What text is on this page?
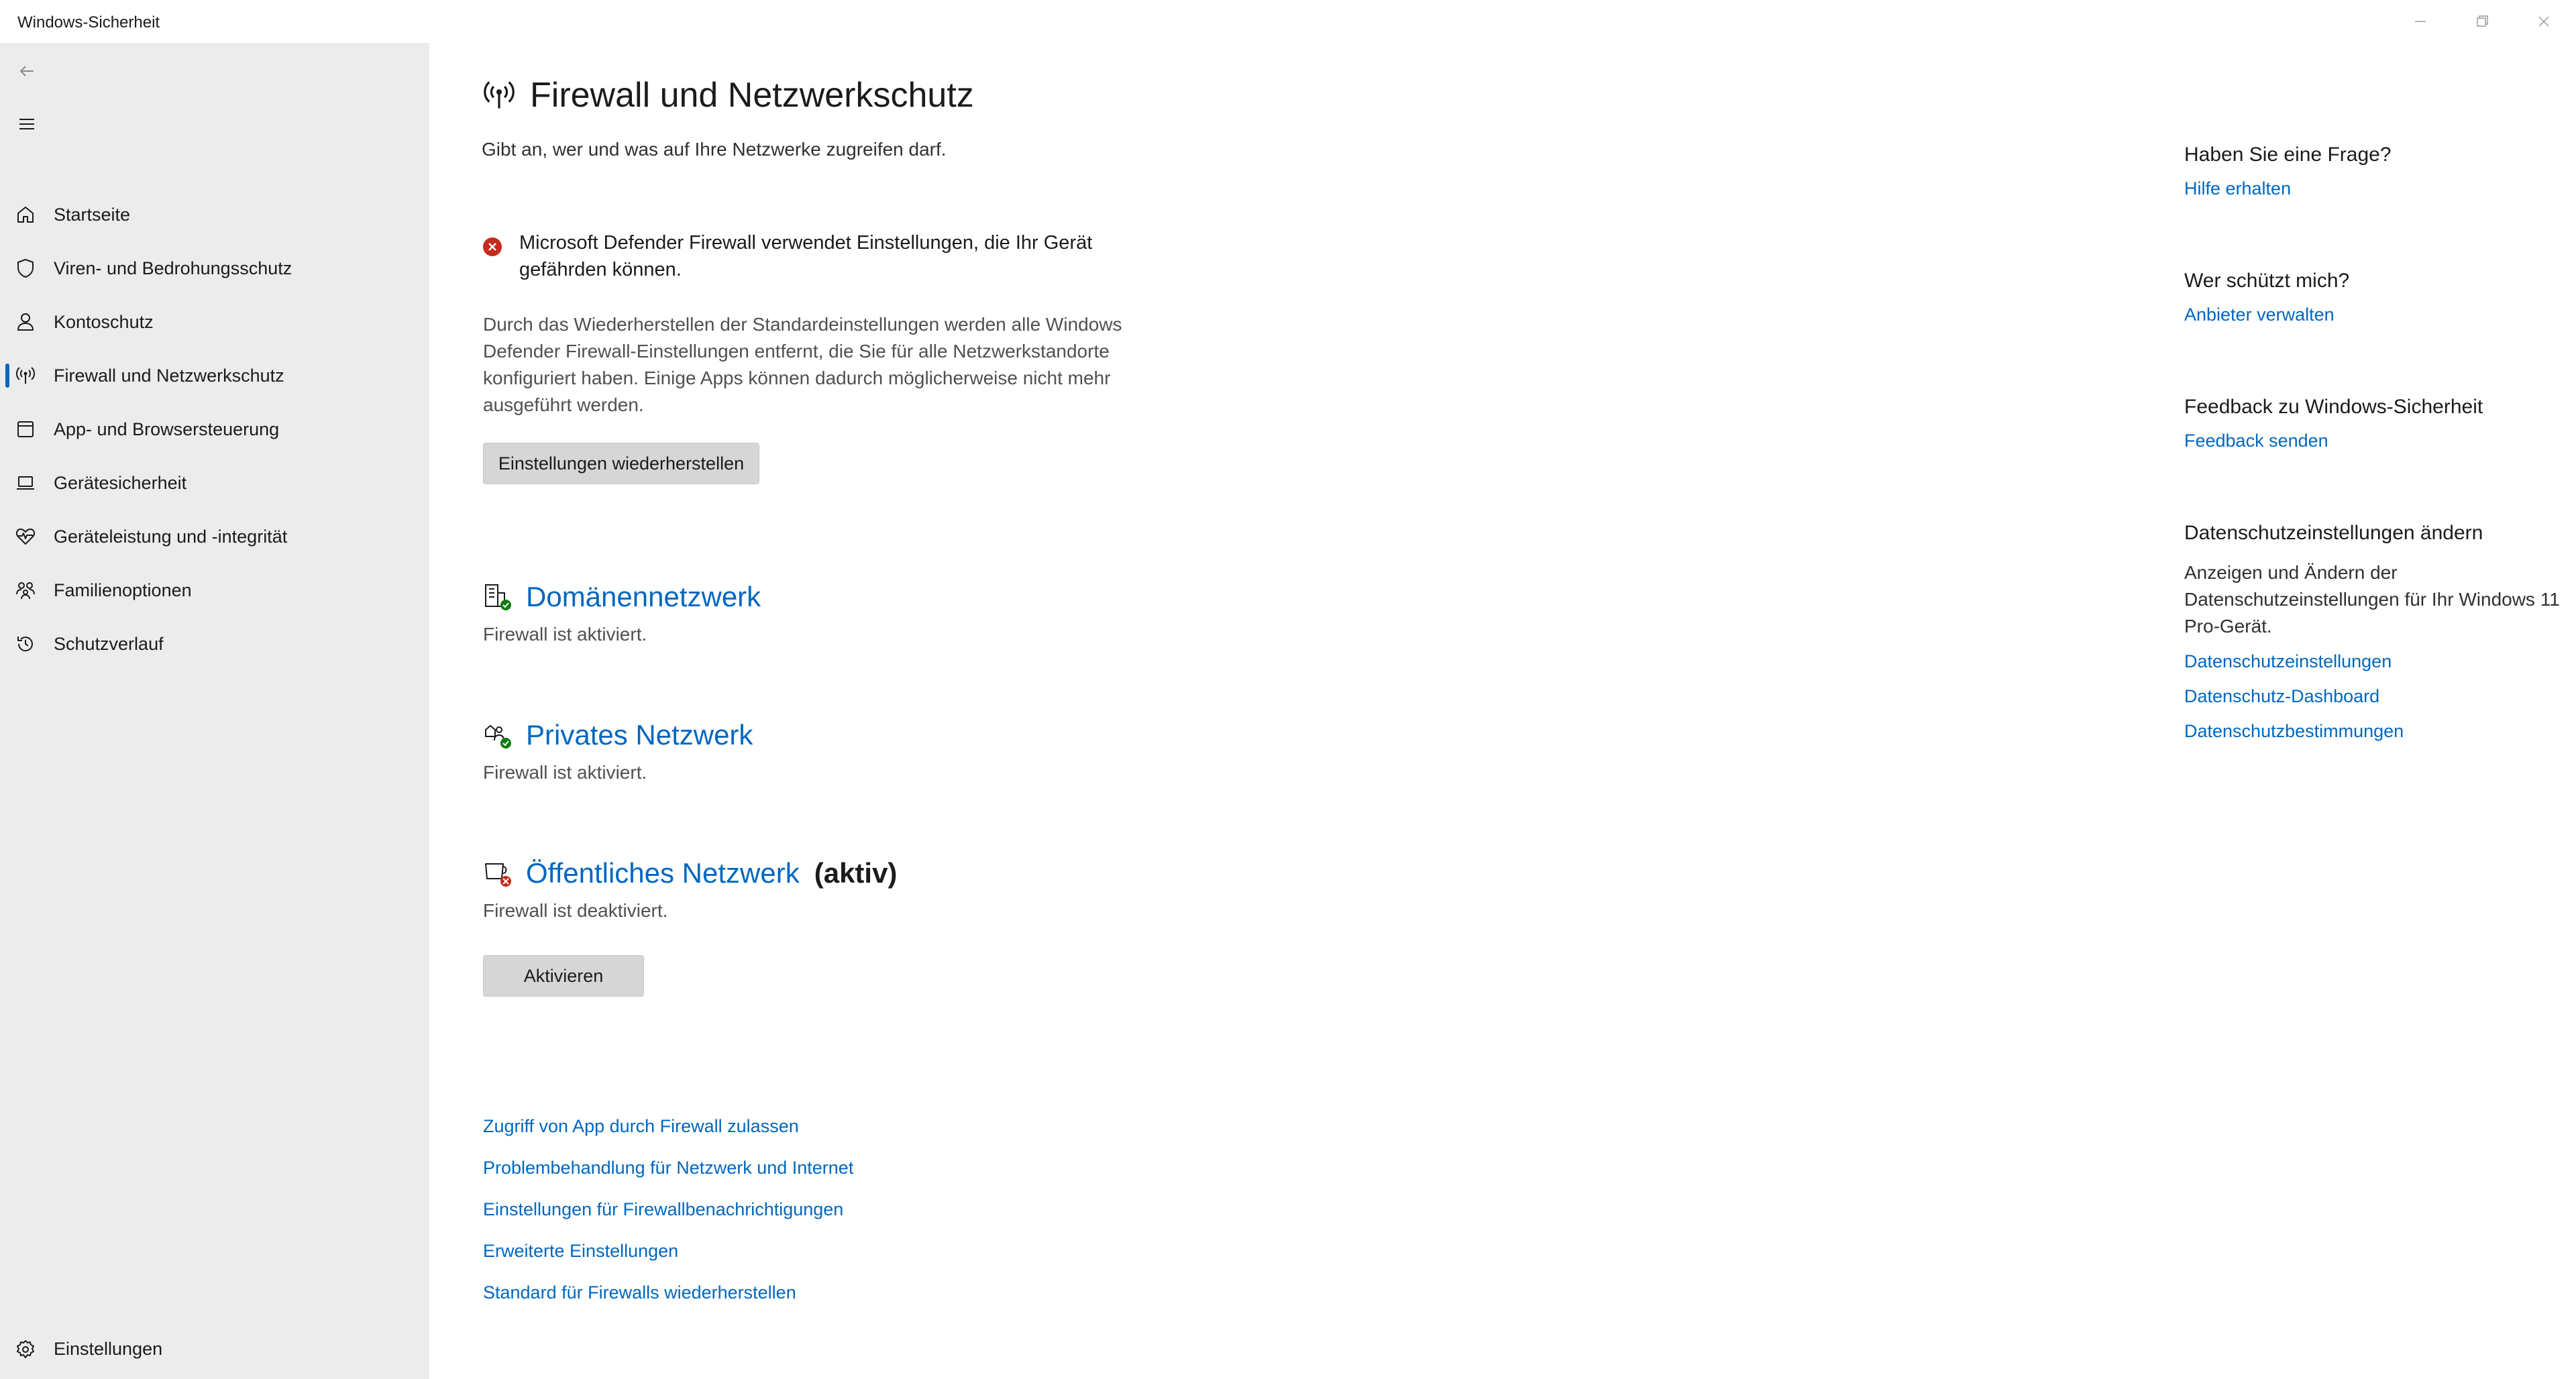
Windows-Sicherheit
Startseite
Viren- und Bedrohungsschutz
Kontoschutz
Firewall und Netzwerkschutz
App- und Browsersteuerung
Gerätesicherheit
Geräteleistung und -integrität
Familienoptionen
Schutzverlauf
Einstellungen
Firewall und Netzwerkschutz
Gibt an, wer und was auf Ihre Netzwerke zugreifen darf.
Microsoft Defender Firewall verwendet Einstellungen, die Ihr Gerät gefährden können.
Durch das Wiederherstellen der Standardeinstellungen werden alle Windows Defender Firewall-Einstellungen entfernt, die Sie für alle Netzwerkstandorte konfiguriert haben. Einige Apps können dadurch möglicherweise nicht mehr ausgeführt werden.
Einstellungen wiederherstellen
Domänennetzwerk
Firewall ist aktiviert.
Privates Netzwerk
Firewall ist aktiviert.
Öffentliches Netzwerk (aktiv)
Firewall ist deaktiviert.
Aktivieren
Zugriff von App durch Firewall zulassen
Problembehandlung für Netzwerk und Internet
Einstellungen für Firewallbenachrichtigungen
Erweiterte Einstellungen
Standard für Firewalls wiederherstellen
Haben Sie eine Frage?
Hilfe erhalten
Wer schützt mich?
Anbieter verwalten
Feedback zu Windows-Sicherheit
Feedback senden
Datenschutzeinstellungen ändern
Anzeigen und Ändern der Datenschutzeinstellungen für Ihr Windows 11 Pro-Gerät.
Datenschutzeinstellungen
Datenschutz-Dashboard
Datenschutzbestimmungen
